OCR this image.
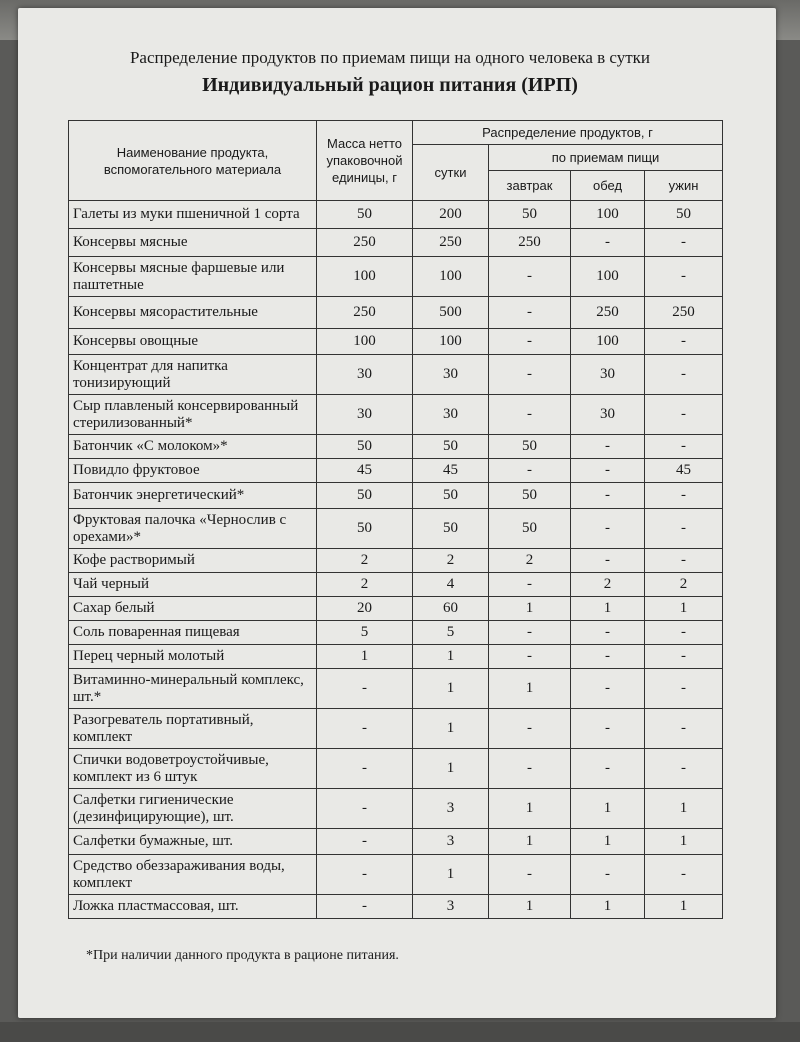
Распределение продуктов по приемам пищи на одного человека в сутки
Индивидуальный рацион питания (ИРП)
Наименование продукта, вспомогательного материала	Масса нетто упаковочной единицы, г	Распределение продуктов, г			
		сутки	по приемам пищи		
			завтрак	обед	ужин
Галеты из муки пшеничной 1 сорта	50	200	50	100	50
Консервы мясные	250	250	250	-	-
Консервы мясные фаршевые или паштетные	100	100	-	100	-
Консервы мясорастительные	250	500	-	250	250
Консервы овощные	100	100	-	100	-
Концентрат для напитка тонизирующий	30	30	-	30	-
Сыр плавленый консервированный стерилизованный*	30	30	-	30	-
Батончик «С молоком»*	50	50	50	-	-
Повидло фруктовое	45	45	-	-	45
Батончик энергетический*	50	50	50	-	-
Фруктовая палочка «Чернослив с орехами»*	50	50	50	-	-
Кофе растворимый	2	2	2	-	-
Чай черный	2	4	-	2	2
Сахар белый	20	60	1	1	1
Соль поваренная пищевая	5	5	-	-	-
Перец черный молотый	1	1	-	-	-
Витаминно-минеральный комплекс, шт.*	-	1	1	-	-
Разогреватель портативный, комплект	-	1	-	-	-
Спички водоветроустойчивые, комплект из 6 штук	-	1	-	-	-
Салфетки гигиенические (дезинфицирующие), шт.	-	3	1	1	1
Салфетки бумажные, шт.	-	3	1	1	1
Средство обеззараживания воды, комплект	-	1	-	-	-
Ложка пластмассовая, шт.	-	3	1	1	1
*При наличии данного продукта в рационе питания.
